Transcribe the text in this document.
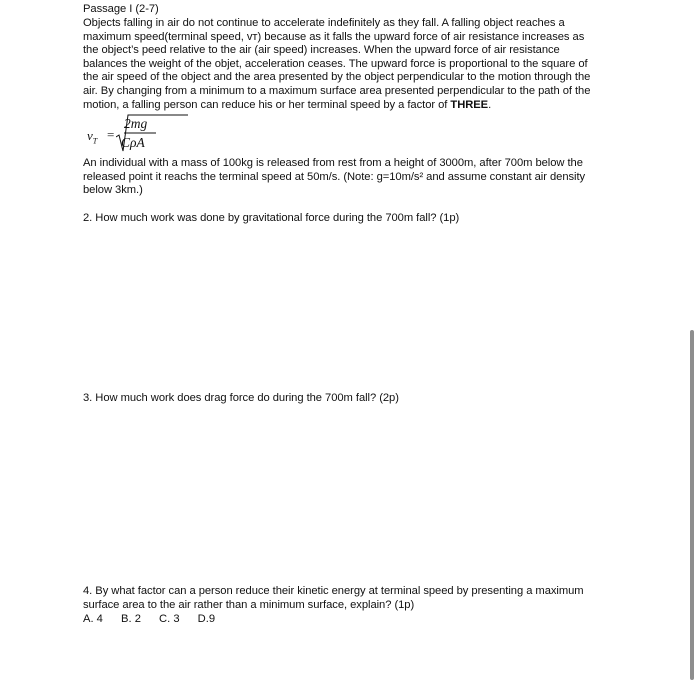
Passage I (2-7)

Objects falling in air do not continue to accelerate indefinitely as they fall. A falling object reaches a

maximum speed(terminal speed, vᴛ) because as it falls the upward force of air resistance increases as

the object’s peed relative to the air (air speed) increases. When the upward force of air resistance

balances the weight of the objet, acceleration ceases. The upward force is proportional to the square of

the air speed of the object and the area presented by the object perpendicular to the motion through the

air. By changing from a minimum to a maximum surface area presented perpendicular to the path of the

motion, a falling person can reduce his or her terminal speed by a factor of THREE.

$v_T$ =
2mg
CρA
An individual with a mass of 100kg is released from rest from a height of 3000m, after 700m below the
released point it reachs the terminal speed at 50m/s. (Note: g=10m/s² and assume constant air density
below 3km.)
2. How much work was done by gravitational force during the 700m fall? (1p)
3. How much work does drag force do during the 700m fall? (2p)
4. By what factor can a person reduce their kinetic energy at terminal speed by presenting a maximum
surface area to the air rather than a minimum surface, explain? (1p)
A. 4 B. 2 C. 3 D.9
